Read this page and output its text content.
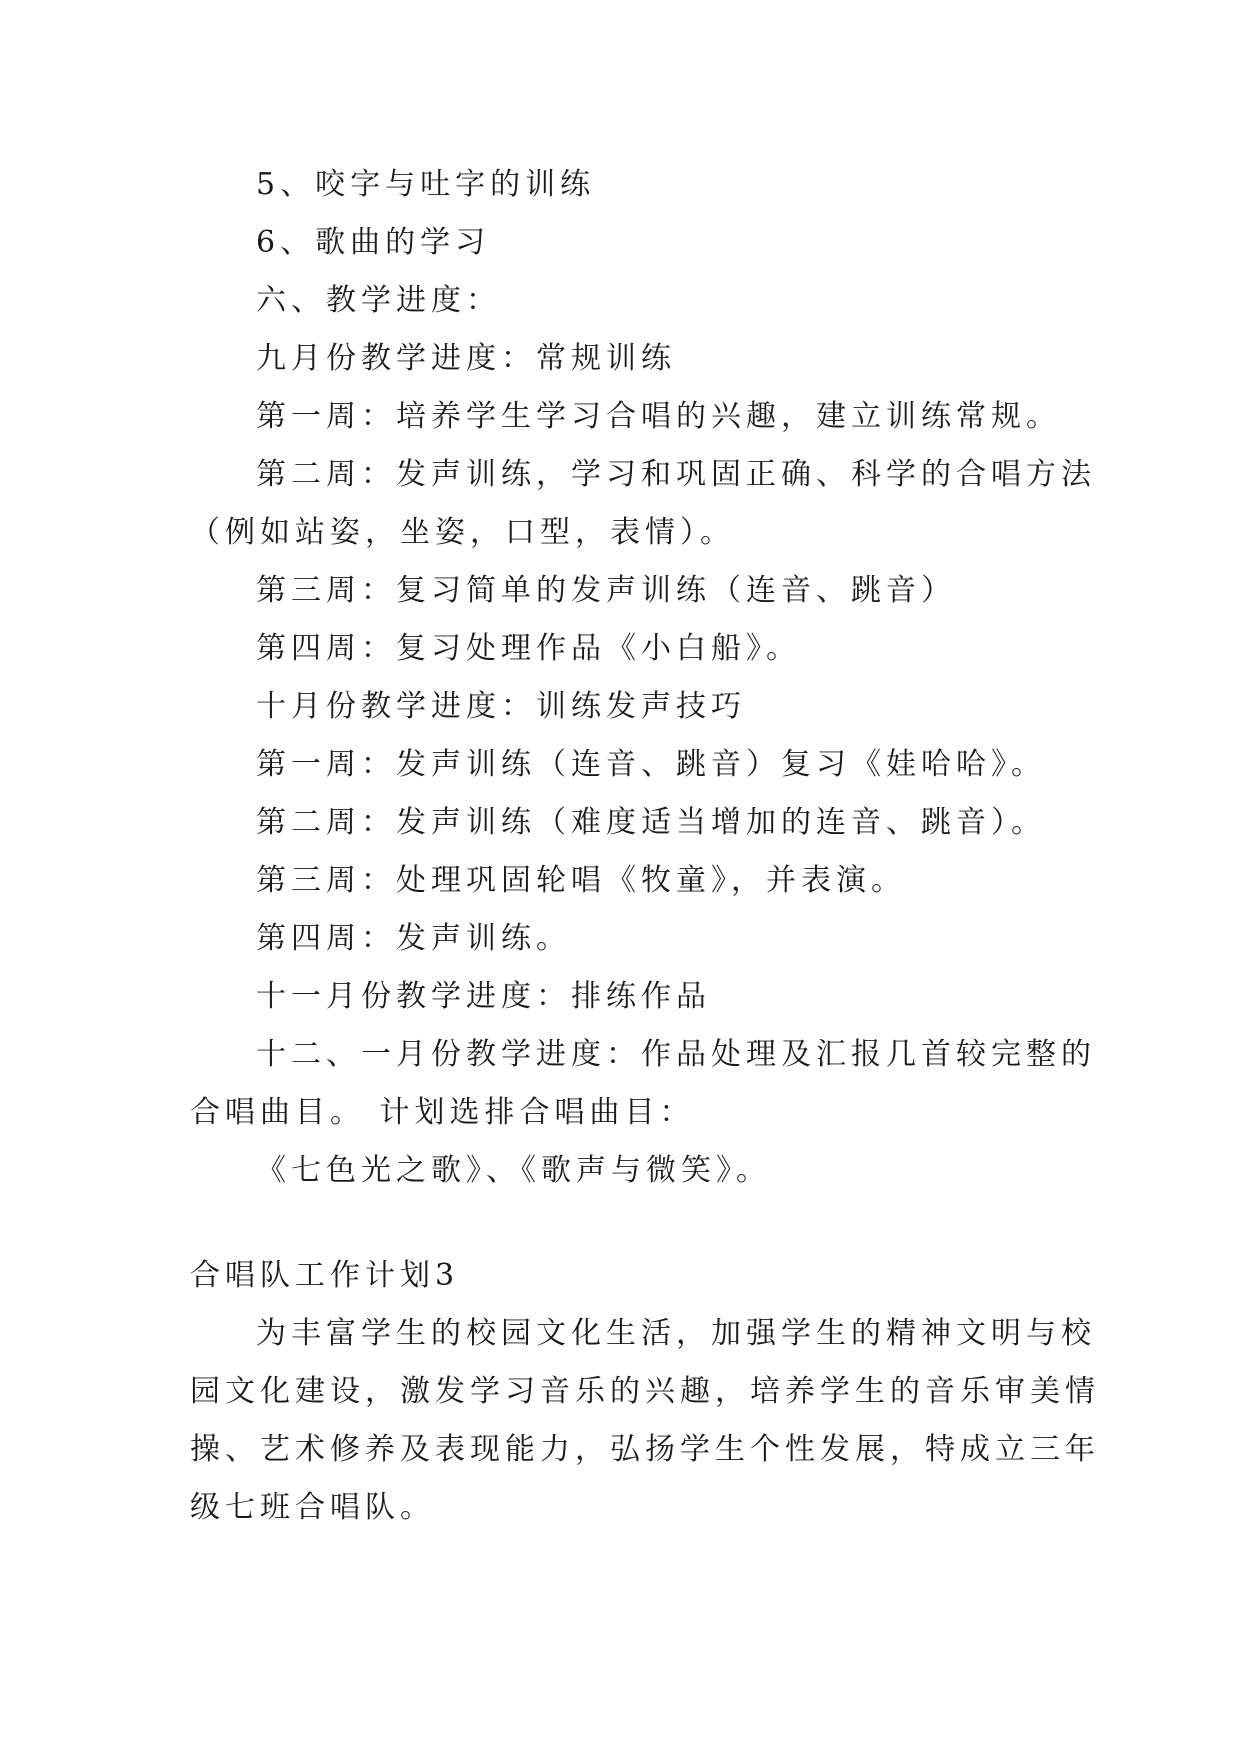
5、咬字与吐字的训练
6、歌曲的学习
六、教学进度：
九月份教学进度：常规训练
第一周：培养学生学习合唱的兴趣，建立训练常规。
第二周：发声训练，学习和巩固正确、科学的合唱方法
（例如站姿，坐姿，口型，表情）。
第三周：复习简单的发声训练（连音、跳音）
第四周：复习处理作品《小白船》。
十月份教学进度：训练发声技巧
第一周：发声训练（连音、跳音）复习《娃哈哈》。
第二周：发声训练（难度适当增加的连音、跳音）。
第三周：处理巩固轮唱《牧童》，并表演。
第四周：发声训练。
十一月份教学进度：排练作品
十二、一月份教学进度：作品处理及汇报几首较完整的
合唱曲目。 计划选排合唱曲目：
《七色光之歌》、《歌声与微笑》。
合唱队工作计划3
为丰富学生的校园文化生活，加强学生的精神文明与校
园文化建设，激发学习音乐的兴趣，培养学生的音乐审美情
操、艺术修养及表现能力，弘扬学生个性发展，特成立三年
级七班合唱队。
